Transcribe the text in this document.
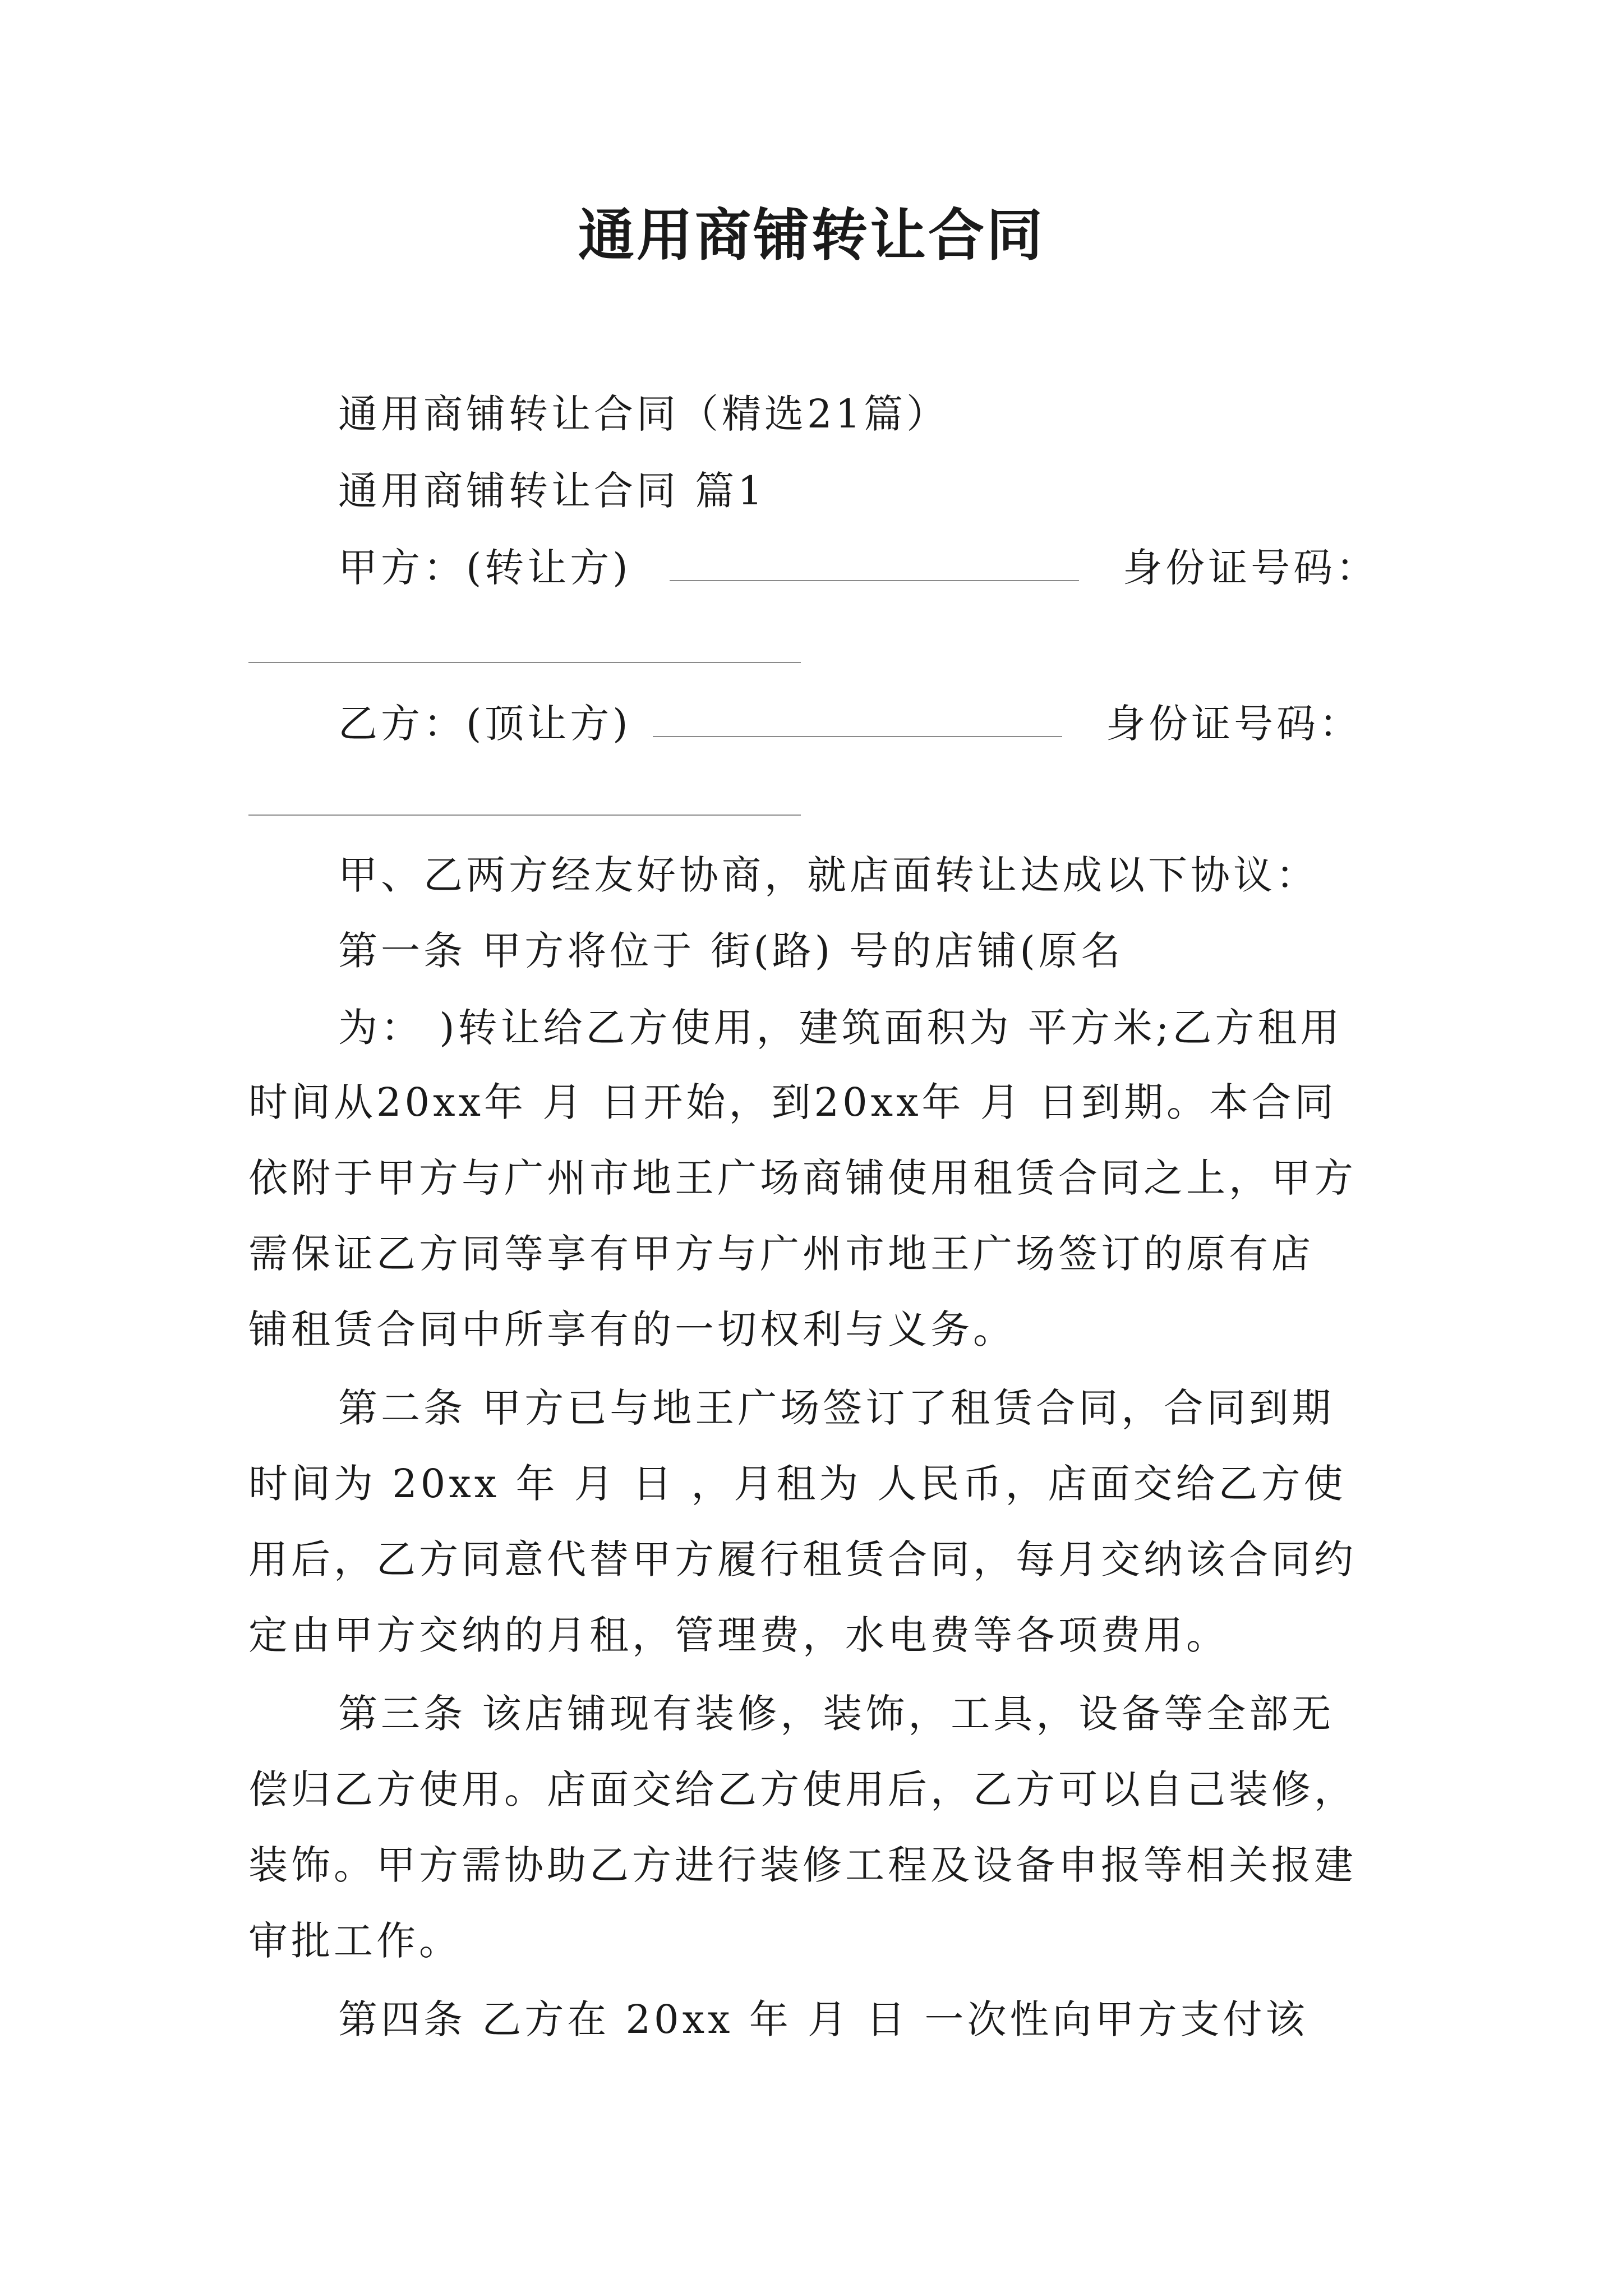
通用商铺转让合同
通用商铺转让合同（精选21篇）
通用商铺转让合同 篇1
甲方：(转让方)	身份证号码：
乙方：(顶让方)	身份证号码：
甲、乙两方经友好协商，就店面转让达成以下协议：
第一条 甲方将位于 街(路) 号的店铺(原名
为： )转让给乙方使用，建筑面积为 平方米;乙方租用
时间从20xx年 月 日开始，到20xx年 月 日到期。本合同
依附于甲方与广州市地王广场商铺使用租赁合同之上，甲方
需保证乙方同等享有甲方与广州市地王广场签订的原有店
铺租赁合同中所享有的一切权利与义务。
第二条 甲方已与地王广场签订了租赁合同，合同到期
时间为 20xx 年 月 日 ，月租为 人民币，店面交给乙方使
用后，乙方同意代替甲方履行租赁合同，每月交纳该合同约
定由甲方交纳的月租，管理费，水电费等各项费用。
第三条 该店铺现有装修，装饰，工具，设备等全部无
偿归乙方使用。店面交给乙方使用后，乙方可以自己装修，
装饰。甲方需协助乙方进行装修工程及设备申报等相关报建
审批工作。
第四条 乙方在 20xx 年 月 日 一次性向甲方支付该
